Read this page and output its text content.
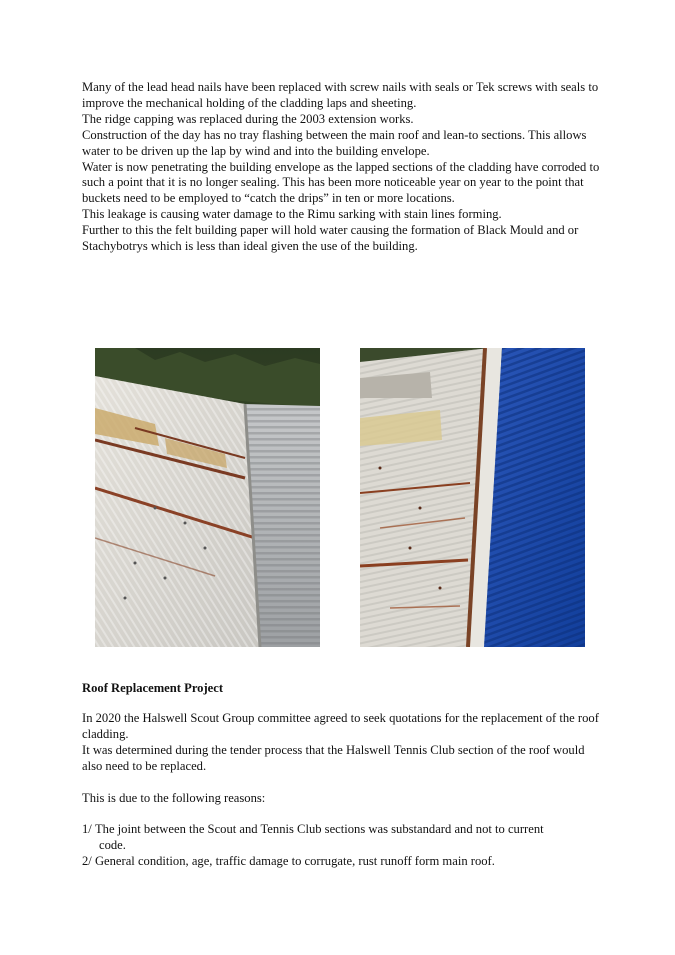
Many of the lead head nails have been replaced with screw nails with seals or Tek screws with seals to improve the mechanical holding of the cladding laps and sheeting.

The ridge capping was replaced during the 2003 extension works.

Construction of the day has no tray flashing between the main roof and lean-to sections. This allows water to be driven up the lap by wind and into the building envelope.

Water is now penetrating the building envelope as the lapped sections of the cladding have corroded to such a point that it is no longer sealing. This has been more noticeable year on year to the point that buckets need to be employed to “catch the drips” in ten or more locations.

This leakage is causing water damage to the Rimu sarking with stain lines forming.

Further to this the felt building paper will hold water causing the formation of Black Mould and or Stachybotrys which is less than ideal given the use of the building.

Roof Replacement Project

In 2020 the Halswell Scout Group committee agreed to seek quotations for the replacement of the roof cladding.

It was determined during the tender process that the Halswell Tennis Club section of the roof would also need to be replaced.

This is due to the following reasons:

1/ The joint between the Scout and Tennis Club sections was substandard and not to current
code.
2/ General condition, age, traffic damage to corrugate, rust runoff form main roof.
